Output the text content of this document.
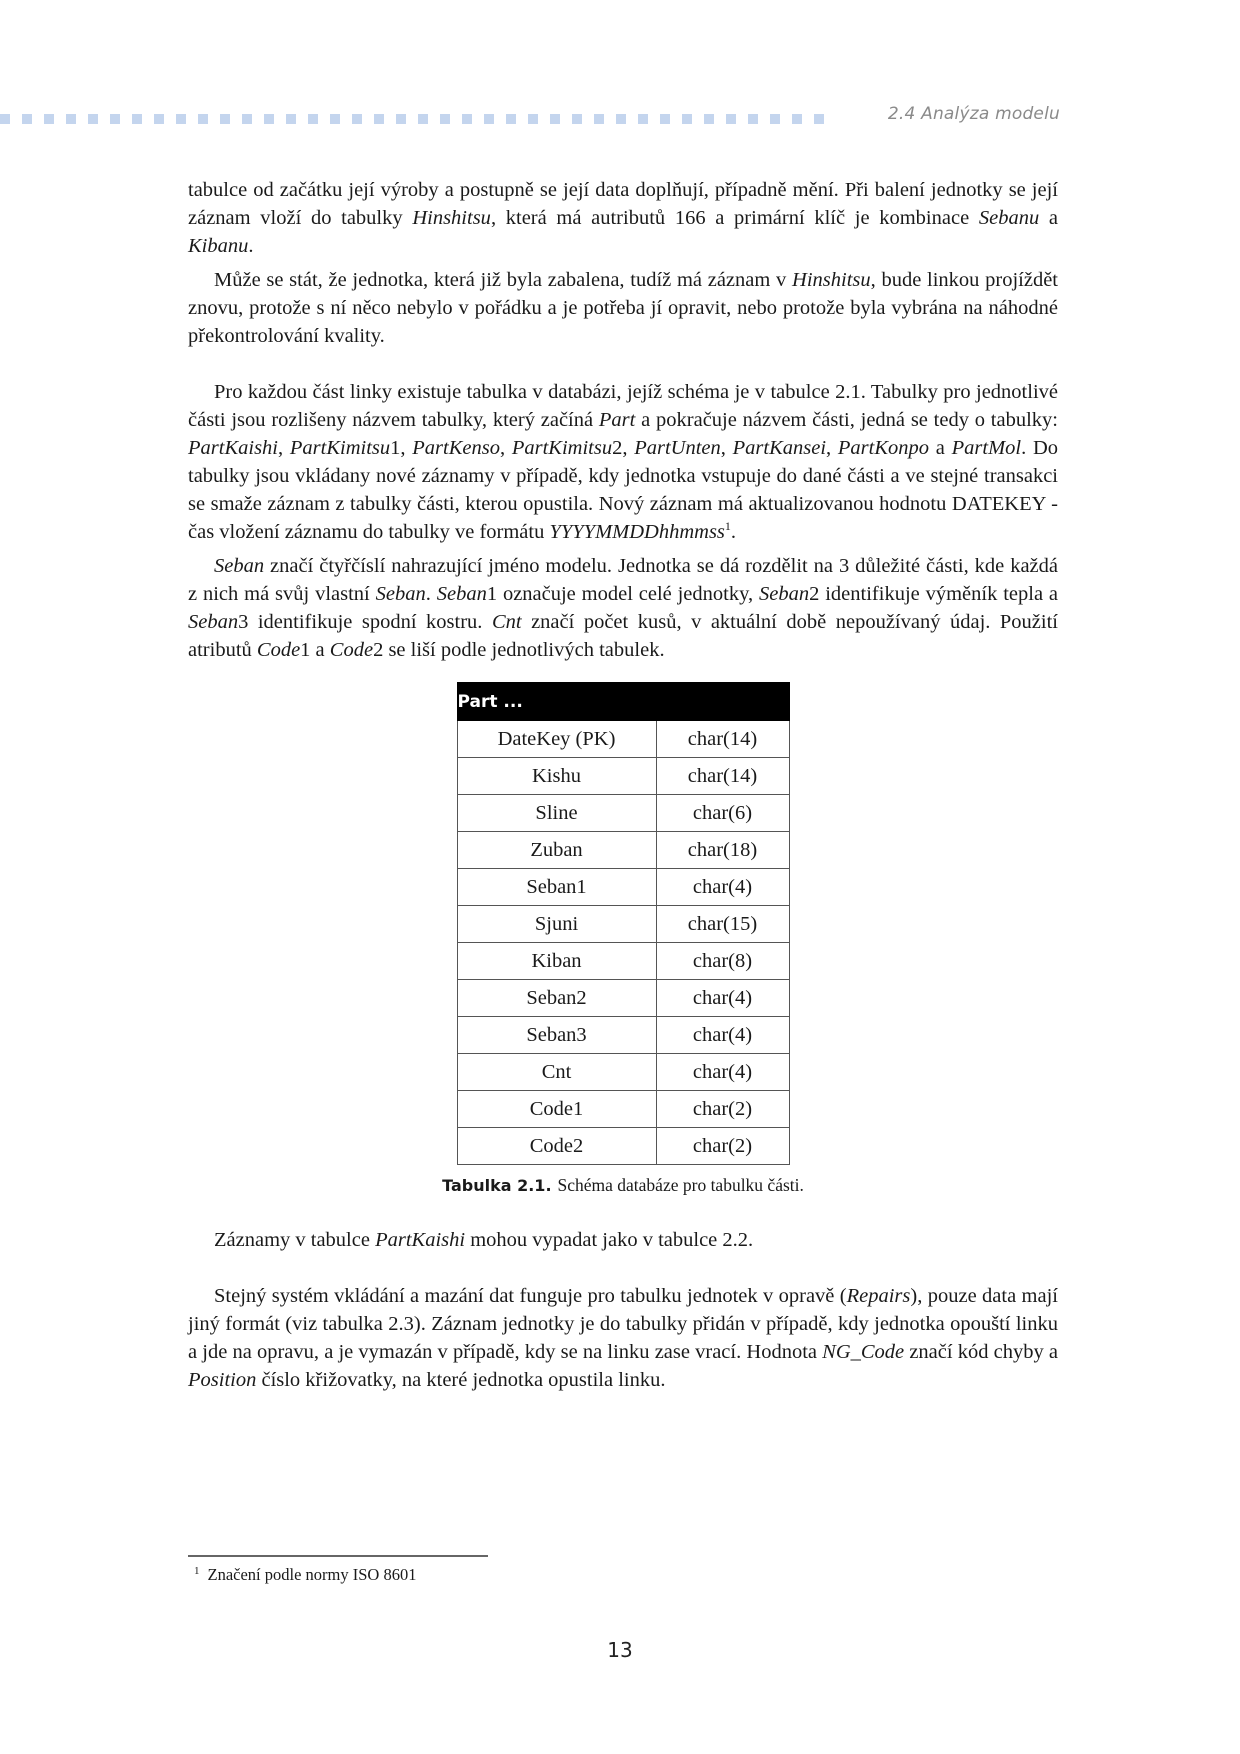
2.4 Analýza modelu

tabulce od začátku její výroby a postupně se její data doplňují, případně mění. Při balení jednotky se její záznam vloží do tabulky Hinshitsu, která má autributů 166 a primární klíč je kombinace Sebanu a Kibanu.

Může se stát, že jednotka, která již byla zabalena, tudíž má záznam v Hinshitsu, bude linkou projíždět znovu, protože s ní něco nebylo v pořádku a je potřeba jí opravit, nebo protože byla vybrána na náhodné překontrolování kvality.

Pro každou část linky existuje tabulka v databázi, jejíž schéma je v tabulce 2.1. Tabulky pro jednotlivé části jsou rozlišeny názvem tabulky, který začíná Part a pokračuje názvem části, jedná se tedy o tabulky: PartKaishi, PartKimitsu1, PartKenso, PartKimitsu2, PartUnten, PartKansei, PartKonpo a PartMol. Do tabulky jsou vkládany nové záznamy v případě, kdy jednotka vstupuje do dané části a ve stejné transakci se smaže záznam z tabulky části, kterou opustila. Nový záznam má aktualizovanou hodnotu DATEKEY - čas vložení záznamu do tabulky ve formátu YYYYMMDDhhmmss$^1$.

Seban značí čtyřčíslí nahrazující jméno modelu. Jednotka se dá rozdělit na 3 důležité části, kde každá z nich má svůj vlastní Seban. Seban1 označuje model celé jednotky, Seban2 identifikuje výměník tepla a Seban3 identifikuje spodní kostru. Cnt značí počet kusů, v aktuální době nepoužívaný údaj. Použití atributů Code1 a Code2 se liší podle jednotlivých tabulek.

Part ...	
DateKey (PK)	char(14)
Kishu	char(14)
Sline	char(6)
Zuban	char(18)
Seban1	char(4)
Sjuni	char(15)
Kiban	char(8)
Seban2	char(4)
Seban3	char(4)
Cnt	char(4)
Code1	char(2)
Code2	char(2)
Tabulka 2.1. Schéma databáze pro tabulku části.

Záznamy v tabulce PartKaishi mohou vypadat jako v tabulce 2.2.

Stejný systém vkládání a mazání dat funguje pro tabulku jednotek v opravě (Repairs), pouze data mají jiný formát (viz tabulka 2.3). Záznam jednotky je do tabulky přidán v případě, kdy jednotka opouští linku a jde na opravu, a je vymazán v případě, kdy se na linku zase vrací. Hodnota NG_Code značí kód chyby a Position číslo křižovatky, na které jednotka opustila linku.

$^1$ Značení podle normy ISO 8601
13
